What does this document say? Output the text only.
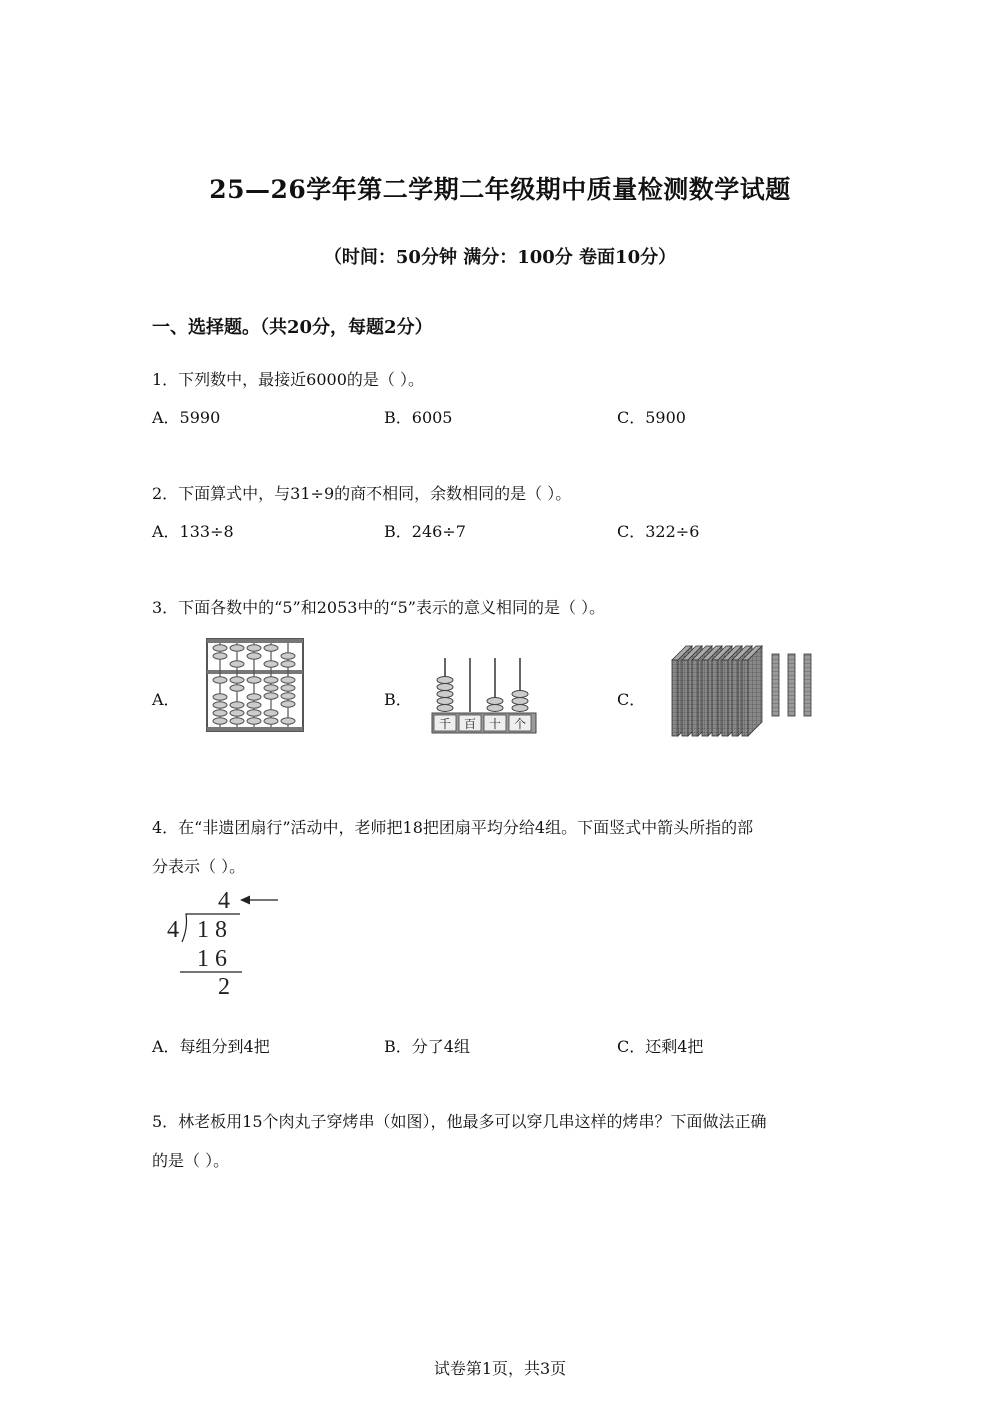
25—26学年第二学期二年级期中质量检测数学试题
（时间：50分钟 满分：100分 卷面10分）
一、选择题。（共20分，每题2分）
1．下列数中，最接近6000的是（ ）。
A．5990	B．6005	C．5900
2．下面算式中，与31÷9的商不相同，余数相同的是（ ）。
A．133÷8	B．246÷7	C．322÷6
3．下面各数中的“5”和2053中的“5”表示的意义相同的是（ ）。
A．	B．	C．
千 百 十 个
4．在“非遗团扇行”活动中，老师把18把团扇平均分给4组。下面竖式中箭头所指的部
分表示（ ）。
4
4 1 8
1 6
2
A．每组分到4把	B．分了4组	C．还剩4把
5．林老板用15个肉丸子穿烤串（如图），他最多可以穿几串这样的烤串？下面做法正确
的是（ ）。
试卷第1页，共3页
